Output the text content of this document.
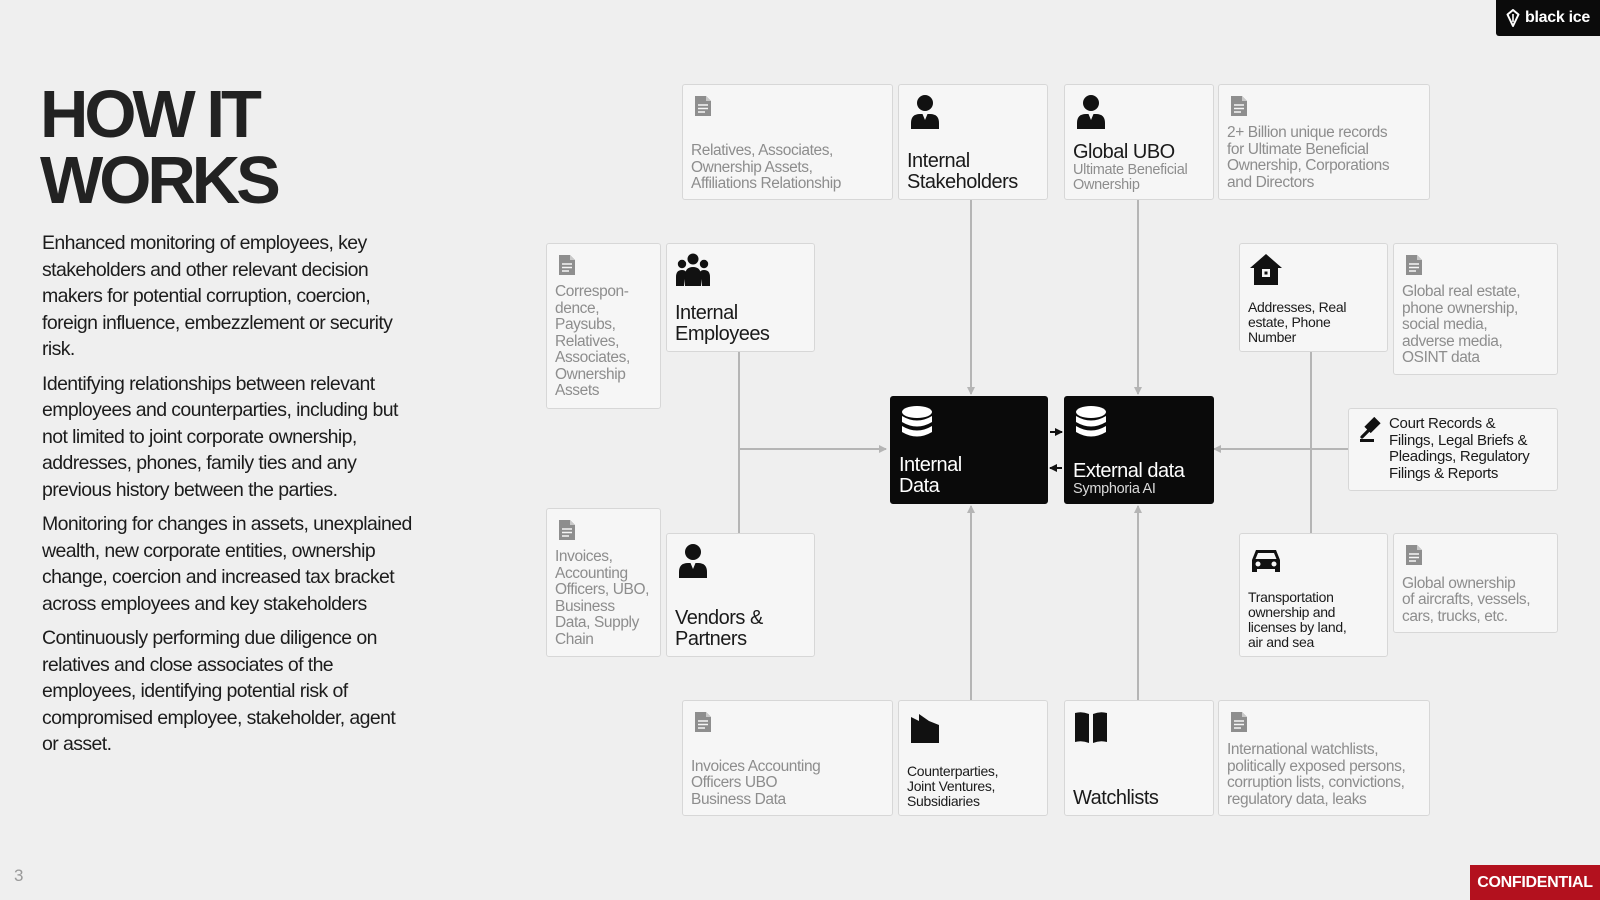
black ice
HOW IT
WORKS

Enhanced monitoring of employees, key stakeholders and other relevant decision makers for potential corruption, coercion, foreign influence, embezzlement or security risk.

Identifying relationships between relevant employees and counterparties, including but not limited to joint corporate ownership, addresses, phones, family ties and any previous history between the parties.

Monitoring for changes in assets, unexplained wealth, new corporate entities, ownership change, coercion and increased tax bracket across employees and key stakeholders

Continuously performing due diligence on relatives and close associates of the employees, identifying potential risk of compromised employee, stakeholder, agent or asset.

3	CONFIDENTIAL
Relatives, Associates,
Ownership Assets,
Affiliations Relationship
Internal
Stakeholders
Global UBO
Ultimate Beneficial
Ownership
2+ Billion unique records
for Ultimate Beneficial
Ownership, Corporations
and Directors
Correspon-
dence,
Paysubs,
Relatives,
Associates,
Ownership
Assets
Internal
Employees
Invoices,
Accounting
Officers, UBO,
Business
Data, Supply
Chain
Vendors &
Partners
Internal
Data
External data
Symphoria AI
Addresses, Real
estate, Phone
Number
Global real estate,
phone ownership,
social media,
adverse media,
OSINT data
Court Records &
Filings, Legal Briefs &
Pleadings, Regulatory
Filings & Reports
Transportation
ownership and
licenses by land,
air and sea
Global ownership
of aircrafts, vessels,
cars, trucks, etc.
Invoices Accounting
Officers UBO
Business Data
Counterparties,
Joint Ventures,
Subsidiaries	Watchlists
International watchlists,
politically exposed persons,
corruption lists, convictions,
regulatory data, leaks
